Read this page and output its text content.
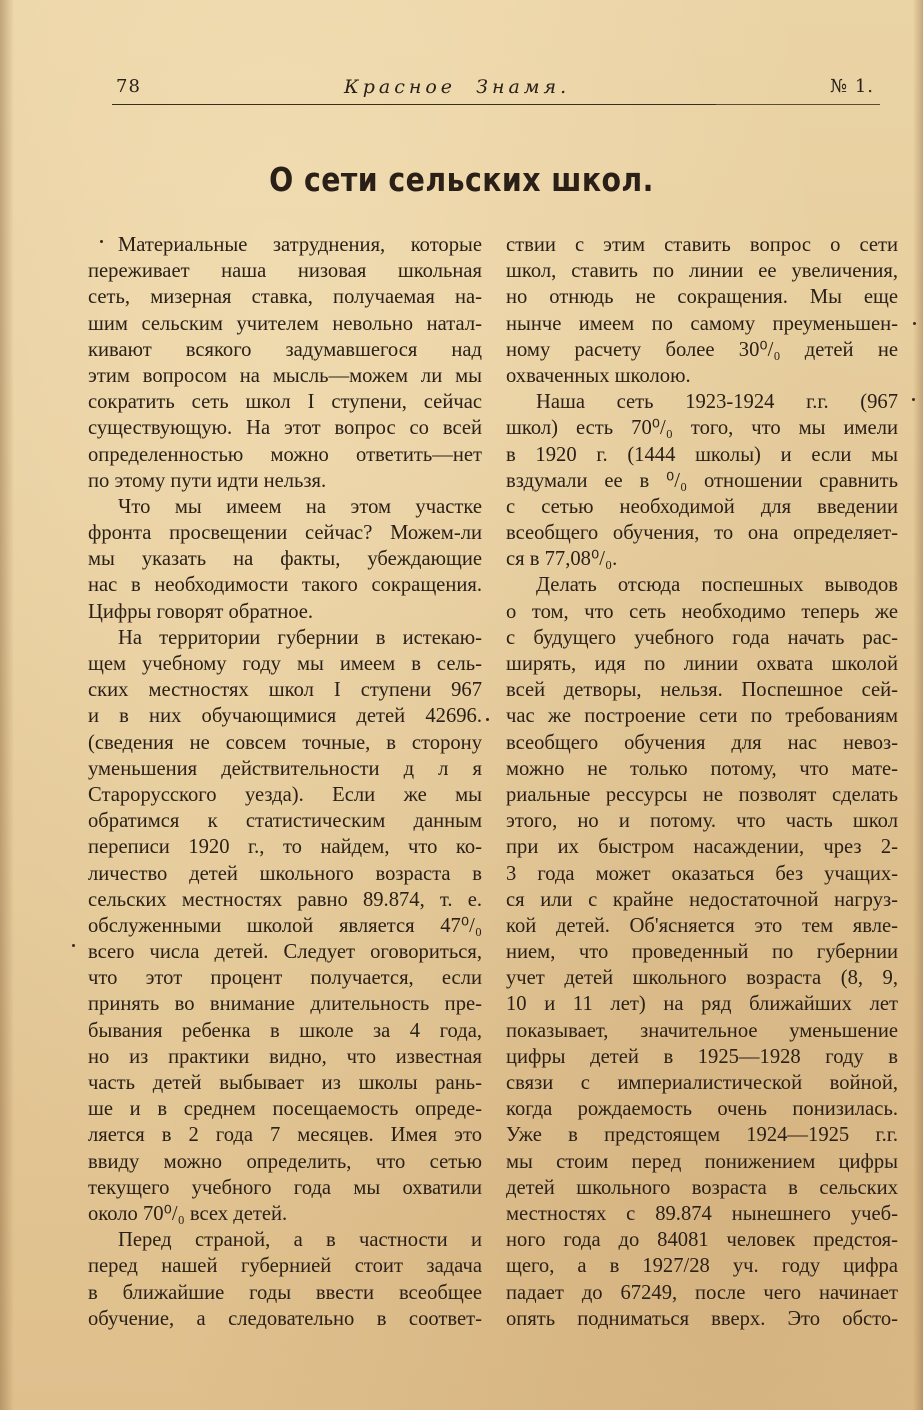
78	Красное  Знамя.	№ 1.
О сети сельских школ.
Материальные затруднения, которые
переживает наша низовая школьная
сеть, мизерная ставка, получаемая на-
шим сельским учителем невольно натал-
кивают всякого задумавшегося над
этим вопросом на мысль—можем ли мы
сократить сеть школ I ступени, сейчас
существующую. На этот вопрос со всей
определенностью можно ответить—нет
по этому пути идти нельзя.
Что мы имеем на этом участке
фронта просвещении сейчас? Можем-ли
мы указать на факты, убеждающие
нас в необходимости такого сокращения.
Цифры говорят обратное.
На территории губернии в истекаю-
щем учебному году мы имеем в сель-
ских местностях школ I ступени 967
и в них обучающимися детей 42696.
(сведения не совсем точные, в сторону
уменьшения действительности д л я
Старорусского уезда). Если же мы
обратимся к статистическим данным
переписи 1920 г., то найдем, что ко-
личество детей школьного возраста в
сельских местностях равно 89.874, т. е.
обслуженными школой является 47⁰/₀
всего числа детей. Следует оговориться,
что этот процент получается, если
принять во внимание длительность пре-
бывания ребенка в школе за 4 года,
но из практики видно, что известная
часть детей выбывает из школы рань-
ше и в среднем посещаемость опреде-
ляется в 2 года 7 месяцев. Имея это
ввиду можно определить, что сетью
текущего учебного года мы охватили
около 70⁰/₀ всех детей.
Перед страной, а в частности и
перед нашей губернией стоит задача
в ближайшие годы ввести всеобщее
обучение, а следовательно в соответ-
ствии с этим ставить вопрос о сети
школ, ставить по линии ее увеличения,
но отнюдь не сокращения. Мы еще
нынче имеем по самому преуменьшен-
ному расчету более 30⁰/₀ детей не
охваченных школою.
Наша сеть 1923-1924 г.г. (967
школ) есть 70⁰/₀ того, что мы имели
в 1920 г. (1444 школы) и если мы
вздумали ее в ⁰/₀ отношении сравнить
с сетью необходимой для введении
всеобщего обучения, то она определяет-
ся в 77,08⁰/₀.
Делать отсюда поспешных выводов
о том, что сеть необходимо теперь же
с будущего учебного года начать рас-
ширять, идя по линии охвата школой
всей детворы, нельзя. Поспешное сей-
час же построение сети по требованиям
всеобщего обучения для нас невоз-
можно не только потому, что мате-
риальные рессурсы не позволят сделать
этого, но и потому. что часть школ
при их быстром насаждении, чрез 2-
3 года может оказаться без учащих-
ся или с крайне недостаточной нагруз-
кой детей. Об'ясняется это тем явле-
нием, что проведенный по губернии
учет детей школьного возраста (8, 9,
10 и 11 лет) на ряд ближайших лет
показывает, значительное уменьшение
цифры детей в 1925—1928 году в
связи с империалистической войной,
когда рождаемость очень понизилась.
Уже в предстоящем 1924—1925 г.г.
мы стоим перед понижением цифры
детей школьного возраста в сельских
местностях с 89.874 нынешнего учеб-
ного года до 84081 человек предстоя-
щего, а в 1927/28 уч. году цифра
падает до 67249, после чего начинает
опять подниматься вверх. Это обсто-
